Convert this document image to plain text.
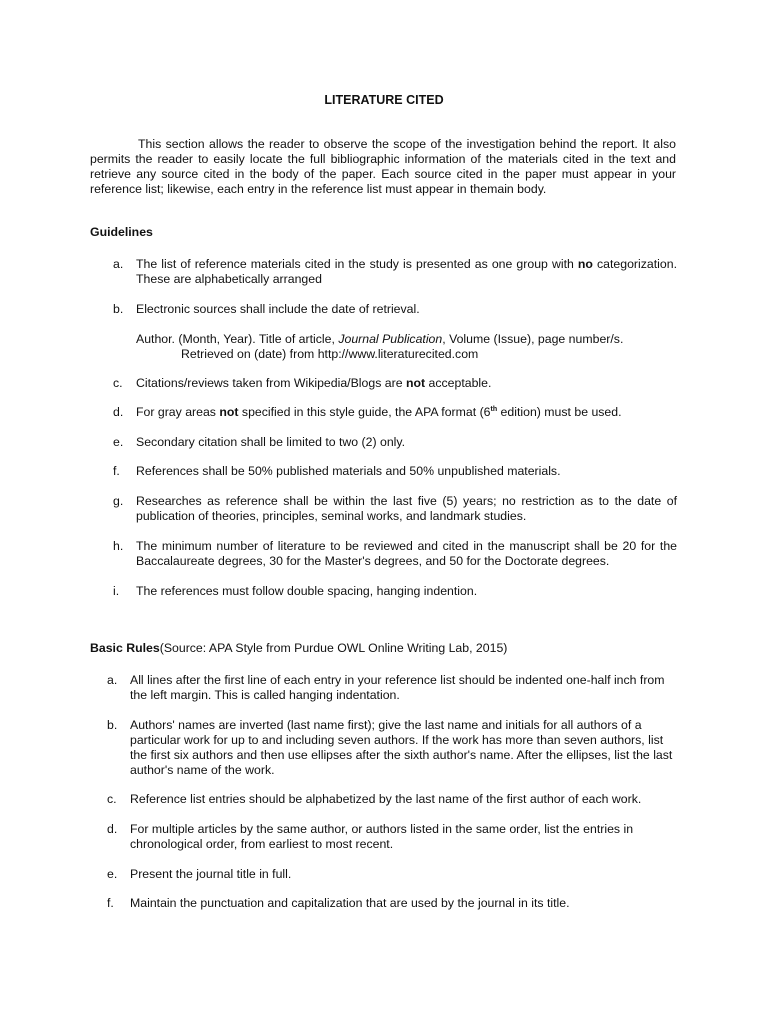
LITERATURE CITED

This section allows the reader to observe the scope of the investigation behind the report. It also permits the reader to easily locate the full bibliographic information of the materials cited in the text and retrieve any source cited in the body of the paper. Each source cited in the paper must appear in your reference list; likewise, each entry in the reference list must appear in themain body.

Guidelines
a. The list of reference materials cited in the study is presented as one group with no categorization. These are alphabetically arranged
b. Electronic sources shall include the date of retrieval.
Author. (Month, Year). Title of article, Journal Publication, Volume (Issue), page number/s.
Retrieved on (date) from http://www.literaturecited.com
c. Citations/reviews taken from Wikipedia/Blogs are not acceptable.
d. For gray areas not specified in this style guide, the APA format (6th edition) must be used.
e. Secondary citation shall be limited to two (2) only.
f. References shall be 50% published materials and 50% unpublished materials.
g. Researches as reference shall be within the last five (5) years; no restriction as to the date of publication of theories, principles, seminal works, and landmark studies.
h. The minimum number of literature to be reviewed and cited in the manuscript shall be 20 for the Baccalaureate degrees, 30 for the Master's degrees, and 50 for the Doctorate degrees.
i. The references must follow double spacing, hanging indention.
Basic Rules(Source: APA Style from Purdue OWL Online Writing Lab, 2015)
a. All lines after the first line of each entry in your reference list should be indented one-half inch from the left margin. This is called hanging indentation.
b. Authors' names are inverted (last name first); give the last name and initials for all authors of a particular work for up to and including seven authors. If the work has more than seven authors, list the first six authors and then use ellipses after the sixth author's name. After the ellipses, list the last author's name of the work.
c. Reference list entries should be alphabetized by the last name of the first author of each work.
d. For multiple articles by the same author, or authors listed in the same order, list the entries in chronological order, from earliest to most recent.
e. Present the journal title in full.
f. Maintain the punctuation and capitalization that are used by the journal in its title.
